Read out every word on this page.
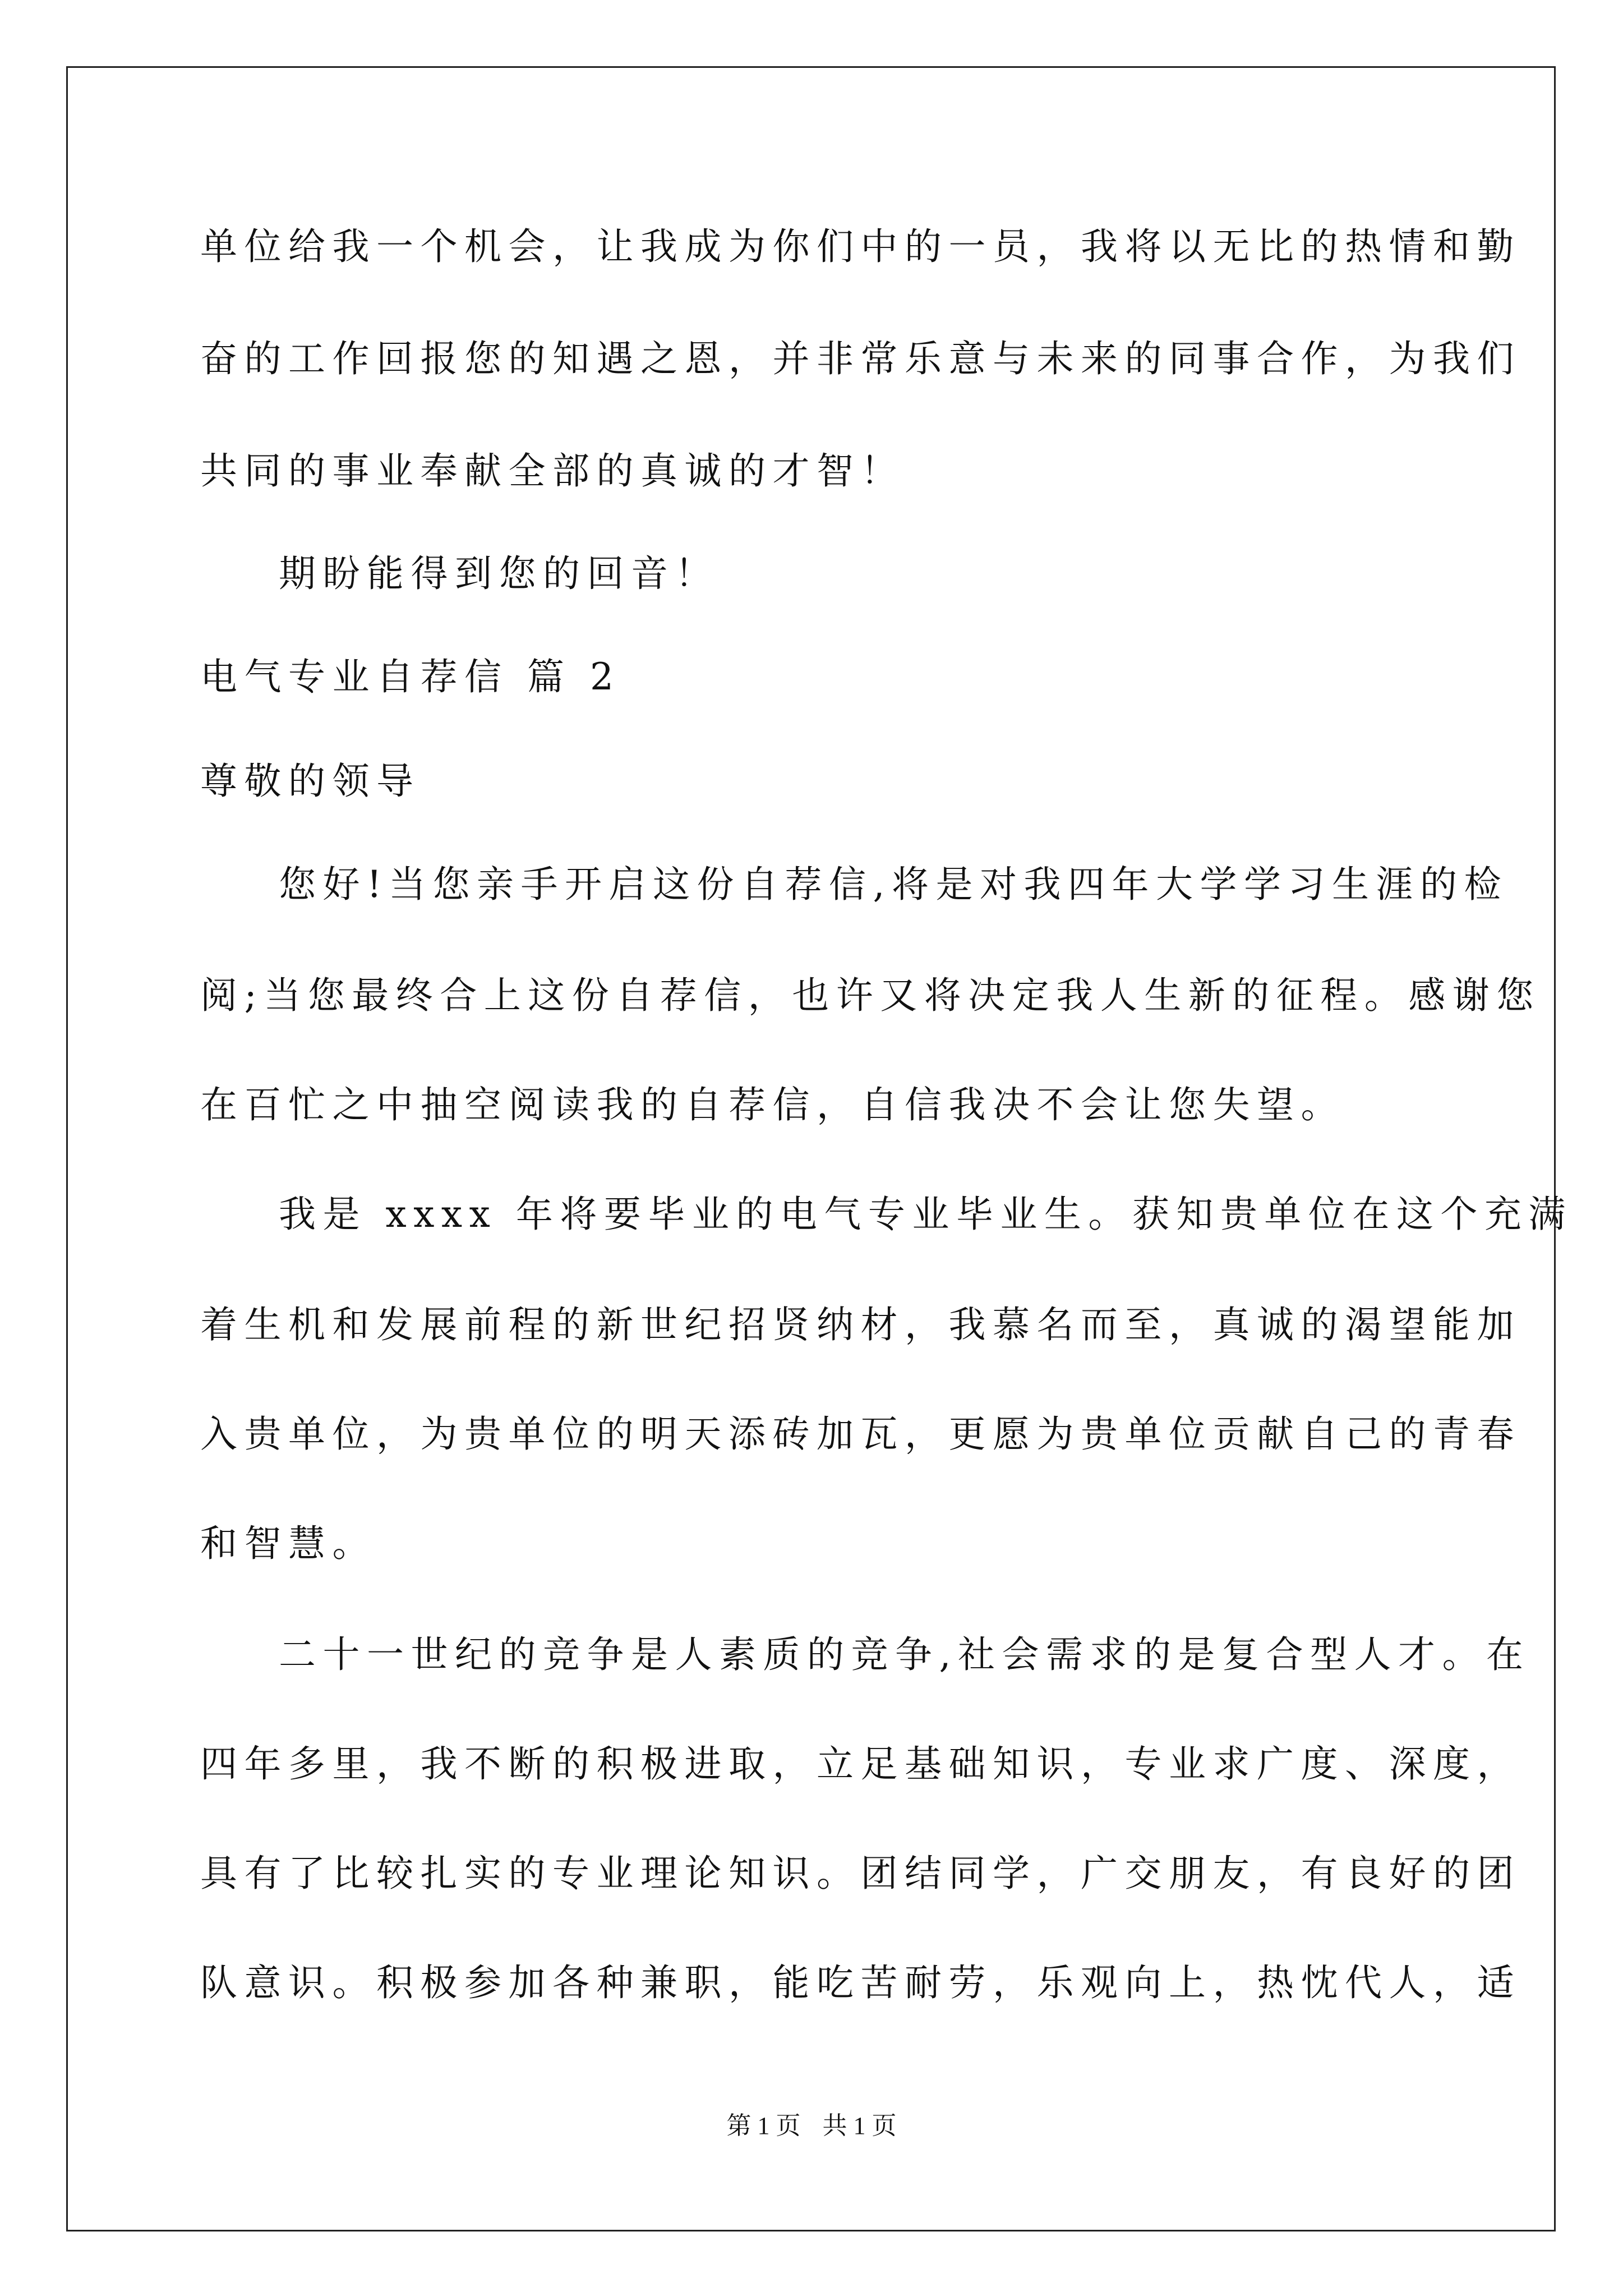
单位给我一个机会，让我成为你们中的一员，我将以无比的热情和勤
奋的工作回报您的知遇之恩，并非常乐意与未来的同事合作，为我们
共同的事业奉献全部的真诚的才智！
期盼能得到您的回音！
电气专业自荐信 篇 2
尊敬的领导
您好!当您亲手开启这份自荐信,将是对我四年大学学习生涯的检
阅;当您最终合上这份自荐信，也许又将决定我人生新的征程。感谢您
在百忙之中抽空阅读我的自荐信，自信我决不会让您失望。
我是 xxxx 年将要毕业的电气专业毕业生。获知贵单位在这个充满
着生机和发展前程的新世纪招贤纳材，我慕名而至，真诚的渴望能加
入贵单位，为贵单位的明天添砖加瓦，更愿为贵单位贡献自己的青春
和智慧。
二十一世纪的竞争是人素质的竞争,社会需求的是复合型人才。在
四年多里，我不断的积极进取，立足基础知识，专业求广度、深度，
具有了比较扎实的专业理论知识。团结同学，广交朋友，有良好的团
队意识。积极参加各种兼职，能吃苦耐劳，乐观向上，热忱代人，适
第 1 页 共 1 页
